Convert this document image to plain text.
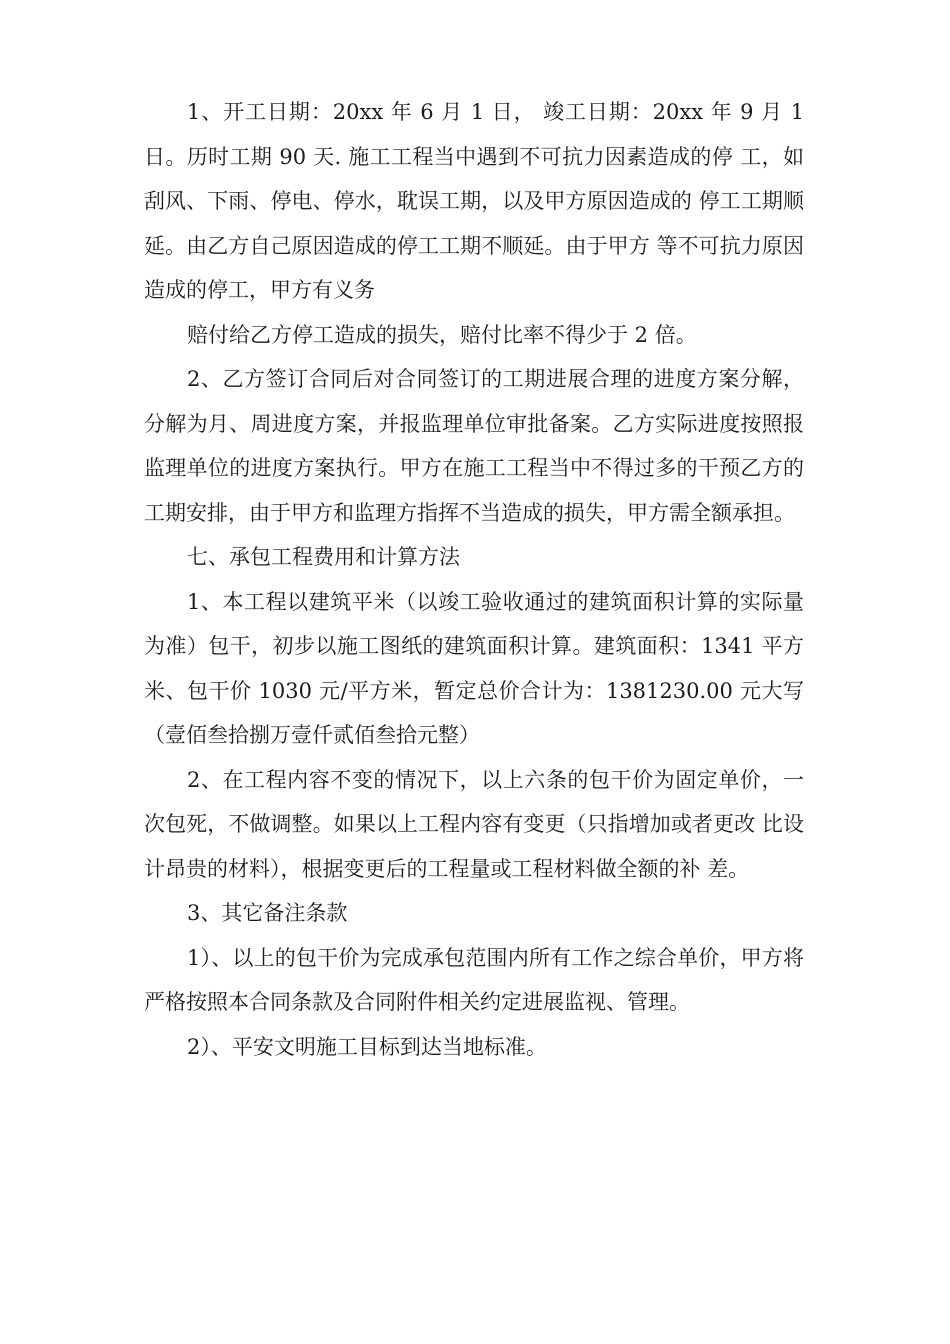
1、开工日期：20xx 年 6 月 1 日， 竣工日期：20xx 年 9 月 1 日。历时工期 90 天. 施工工程当中遇到不可抗力因素造成的停 工，如刮风、下雨、停电、停水，耽误工期，以及甲方原因造成的 停工工期顺延。由乙方自己原因造成的停工工期不顺延。由于甲方 等不可抗力原因造成的停工，甲方有义务

赔付给乙方停工造成的损失，赔付比率不得少于 2 倍。

2、乙方签订合同后对合同签订的工期进展合理的进度方案分解，分解为月、周进度方案，并报监理单位审批备案。乙方实际进度按照报监理单位的进度方案执行。甲方在施工工程当中不得过多的干预乙方的工期安排，由于甲方和监理方指挥不当造成的损失，甲方需全额承担。

七、承包工程费用和计算方法

1、本工程以建筑平米（以竣工验收通过的建筑面积计算的实际量为准）包干，初步以施工图纸的建筑面积计算。建筑面积：1341 平方米、包干价 1030 元/平方米，暂定总价合计为：1381230.00 元大写（壹佰叁拾捌万壹仟贰佰叁拾元整）

2、在工程内容不变的情况下，以上六条的包干价为固定单价，一次包死，不做调整。如果以上工程内容有变更（只指增加或者更改 比设计昂贵的材料），根据变更后的工程量或工程材料做全额的补 差。

3、其它备注条款

1）、以上的包干价为完成承包范围内所有工作之综合单价，甲方将严格按照本合同条款及合同附件相关约定进展监视、管理。

2）、平安文明施工目标到达当地标准。
